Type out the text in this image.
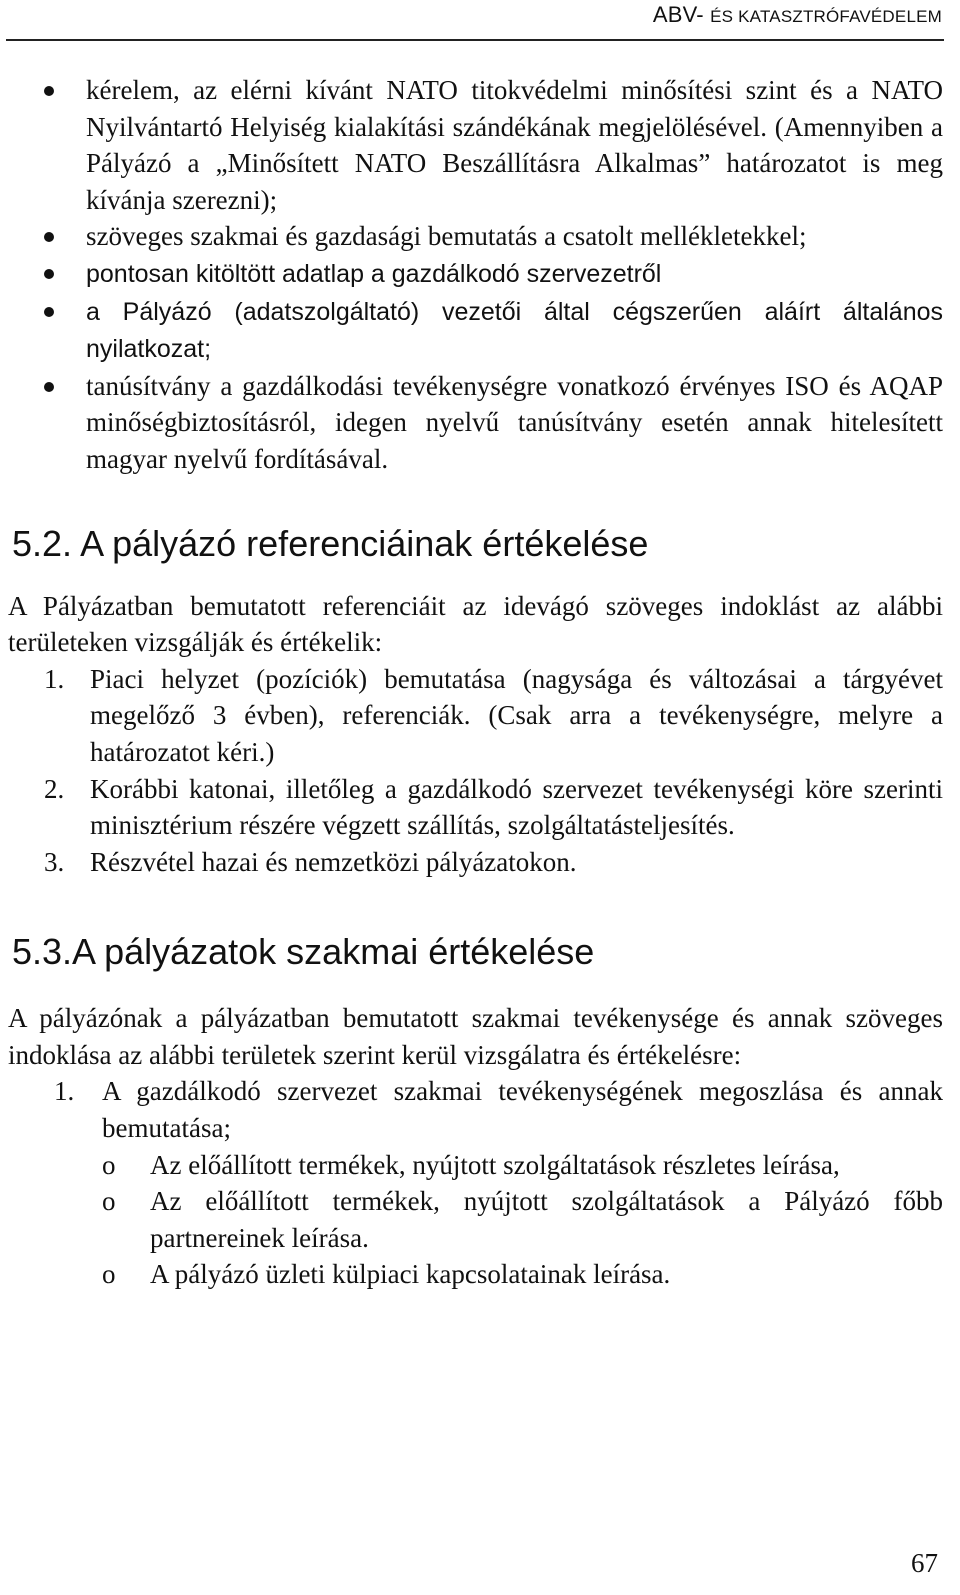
ABV- ÉS KATASZTRÓFAVÉDELEM
kérelem, az elérni kívánt NATO titokvédelmi minősítési szint és a NATO Nyilvántartó Helyiség kialakítási szándékának megjelölésével. (Amennyiben a Pályázó a „Minősített NATO Beszállításra Alkalmas” határozatot is meg kívánja szerezni);
szöveges szakmai és gazdasági bemutatás a csatolt mellékletekkel;
pontosan kitöltött adatlap a gazdálkodó szervezetről
a Pályázó (adatszolgáltató) vezetői által cégszerűen aláírt általános nyilatkozat;
tanúsítvány a gazdálkodási tevékenységre vonatkozó érvényes ISO és AQAP minőségbiztosításról, idegen nyelvű tanúsítvány esetén annak hitelesített magyar nyelvű fordításával.
5.2. A pályázó referenciáinak értékelése

A Pályázatban bemutatott referenciáit az idevágó szöveges indoklást az alábbi területeken vizsgálják és értékelik:

1. Piaci helyzet (pozíciók) bemutatása (nagysága és változásai a tárgyévet megelőző 3 évben), referenciák. (Csak arra a tevékenységre, melyre a határozatot kéri.)
2. Korábbi katonai, illetőleg a gazdálkodó szervezet tevékenységi köre szerinti minisztérium részére végzett szállítás, szolgáltatásteljesítés.
3. Részvétel hazai és nemzetközi pályázatokon.
5.3.A pályázatok szakmai értékelése

A pályázónak a pályázatban bemutatott szakmai tevékenysége és annak szöveges indoklása az alábbi területek szerint kerül vizsgálatra és értékelésre:

1. A gazdálkodó szervezet szakmai tevékenységének megoszlása és annak bemutatása;
o Az előállított termékek, nyújtott szolgáltatások részletes leírása,
o Az előállított termékek, nyújtott szolgáltatások a Pályázó főbb partnereinek leírása.
o A pályázó üzleti külpiaci kapcsolatainak leírása.
67
